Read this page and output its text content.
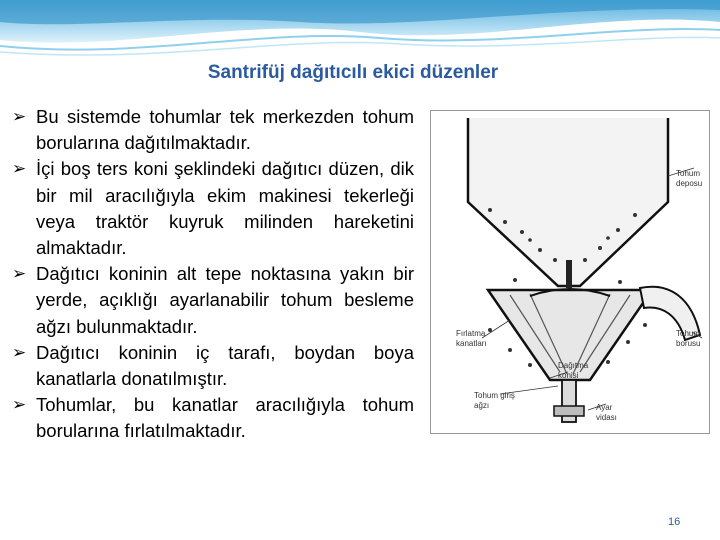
Santrifüj dağıtıcılı ekici düzenler
➢ Bu sistemde tohumlar tek merkezden tohum borularına dağıtılmaktadır.
➢ İçi boş ters koni şeklindeki dağıtıcı düzen, dik bir mil aracılığıyla ekim makinesi tekerleği veya traktör kuyruk milinden hareketini almaktadır.
➢ Dağıtıcı koninin alt tepe noktasına yakın bir yerde, açıklığı ayarlanabilir tohum besleme ağzı bulunmaktadır.
➢ Dağıtıcı koninin iç tarafı, boydan boya kanatlarla donatılmıştır.
➢ Tohumlar, bu kanatlar aracılığıyla tohum borularına fırlatılmaktadır.
Tohum
deposu
Fırlatma
kanatları
Tohum
borusu
Dağıtma
konisi
Tohum giriş
ağzı	Ayar
vidası
16
